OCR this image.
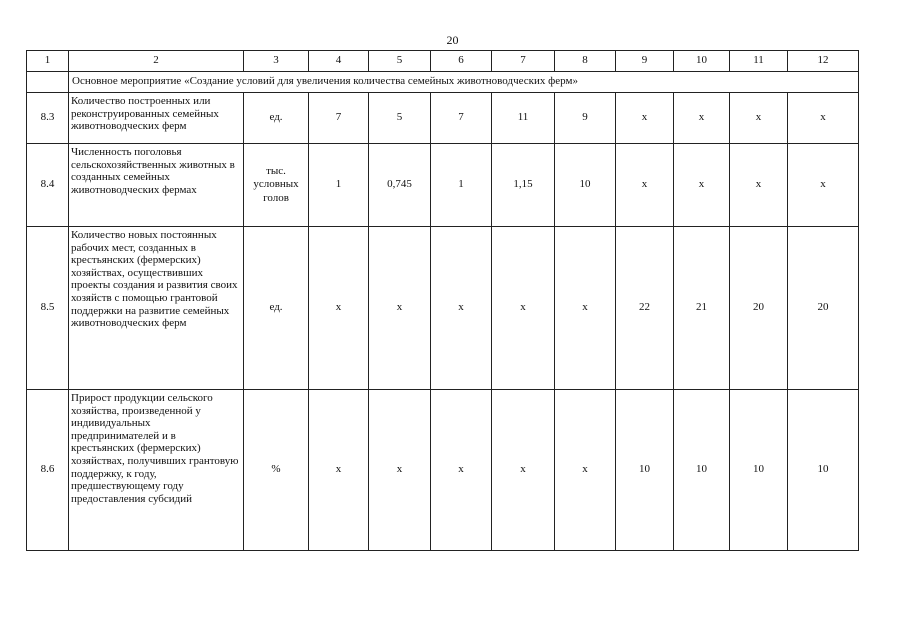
20
1	2	3	4	5	6	7	8	9	10	11	12
	Основное мероприятие «Создание условий для увеличения количества семейных животноводческих ферм»										
8.3	Количество построенных или реконструированных семейных животноводческих ферм	ед.	7	5	7	11	9	х	х	х	х
8.4	Численность поголовья сельскохозяйственных животных в созданных семейных животноводческих фермах	тыс. условных голов	1	0,745	1	1,15	10	х	х	х	х
8.5	Количество новых постоянных рабочих мест, созданных в крестьянских (фермерских) хозяйствах, осуществивших проекты создания и развития своих хозяйств с помощью грантовой поддержки на развитие семейных животноводческих ферм	ед.	х	х	х	х	х	22	21	20	20
8.6	Прирост продукции сельского хозяйства, произведенной у индивидуальных предпринимателей и в крестьянских (фермерских) хозяйствах, получивших грантовую поддержку, к году, предшествующему году предоставления субсидий	%	х	х	х	х	х	10	10	10	10
